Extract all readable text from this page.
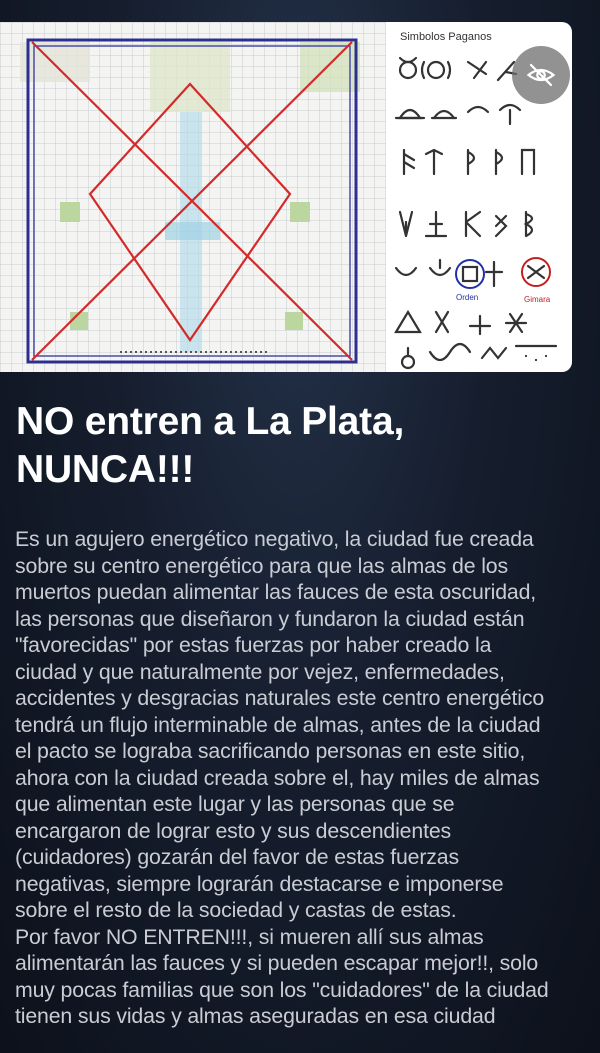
Simbolos Paganos
Orden	Gimara
NO entren a La Plata,
NUNCA!!!

Es un agujero energético negativo, la ciudad fue creada
sobre su centro energético para que las almas de los
muertos puedan alimentar las fauces de esta oscuridad,
las personas que diseñaron y fundaron la ciudad están
"favorecidas" por estas fuerzas por haber creado la
ciudad y que naturalmente por vejez, enfermedades,
accidentes y desgracias naturales este centro energético
tendrá un flujo interminable de almas, antes de la ciudad
el pacto se lograba sacrificando personas en este sitio,
ahora con la ciudad creada sobre el, hay miles de almas
que alimentan este lugar y las personas que se
encargaron de lograr esto y sus descendientes
(cuidadores) gozarán del favor de estas fuerzas
negativas, siempre lograrán destacarse e imponerse
sobre el resto de la sociedad y castas de estas.
Por favor NO ENTREN!!!, si mueren allí sus almas
alimentarán las fauces y si pueden escapar mejor!!, solo
muy pocas familias que son los "cuidadores" de la ciudad
tienen sus vidas y almas aseguradas en esa ciudad
